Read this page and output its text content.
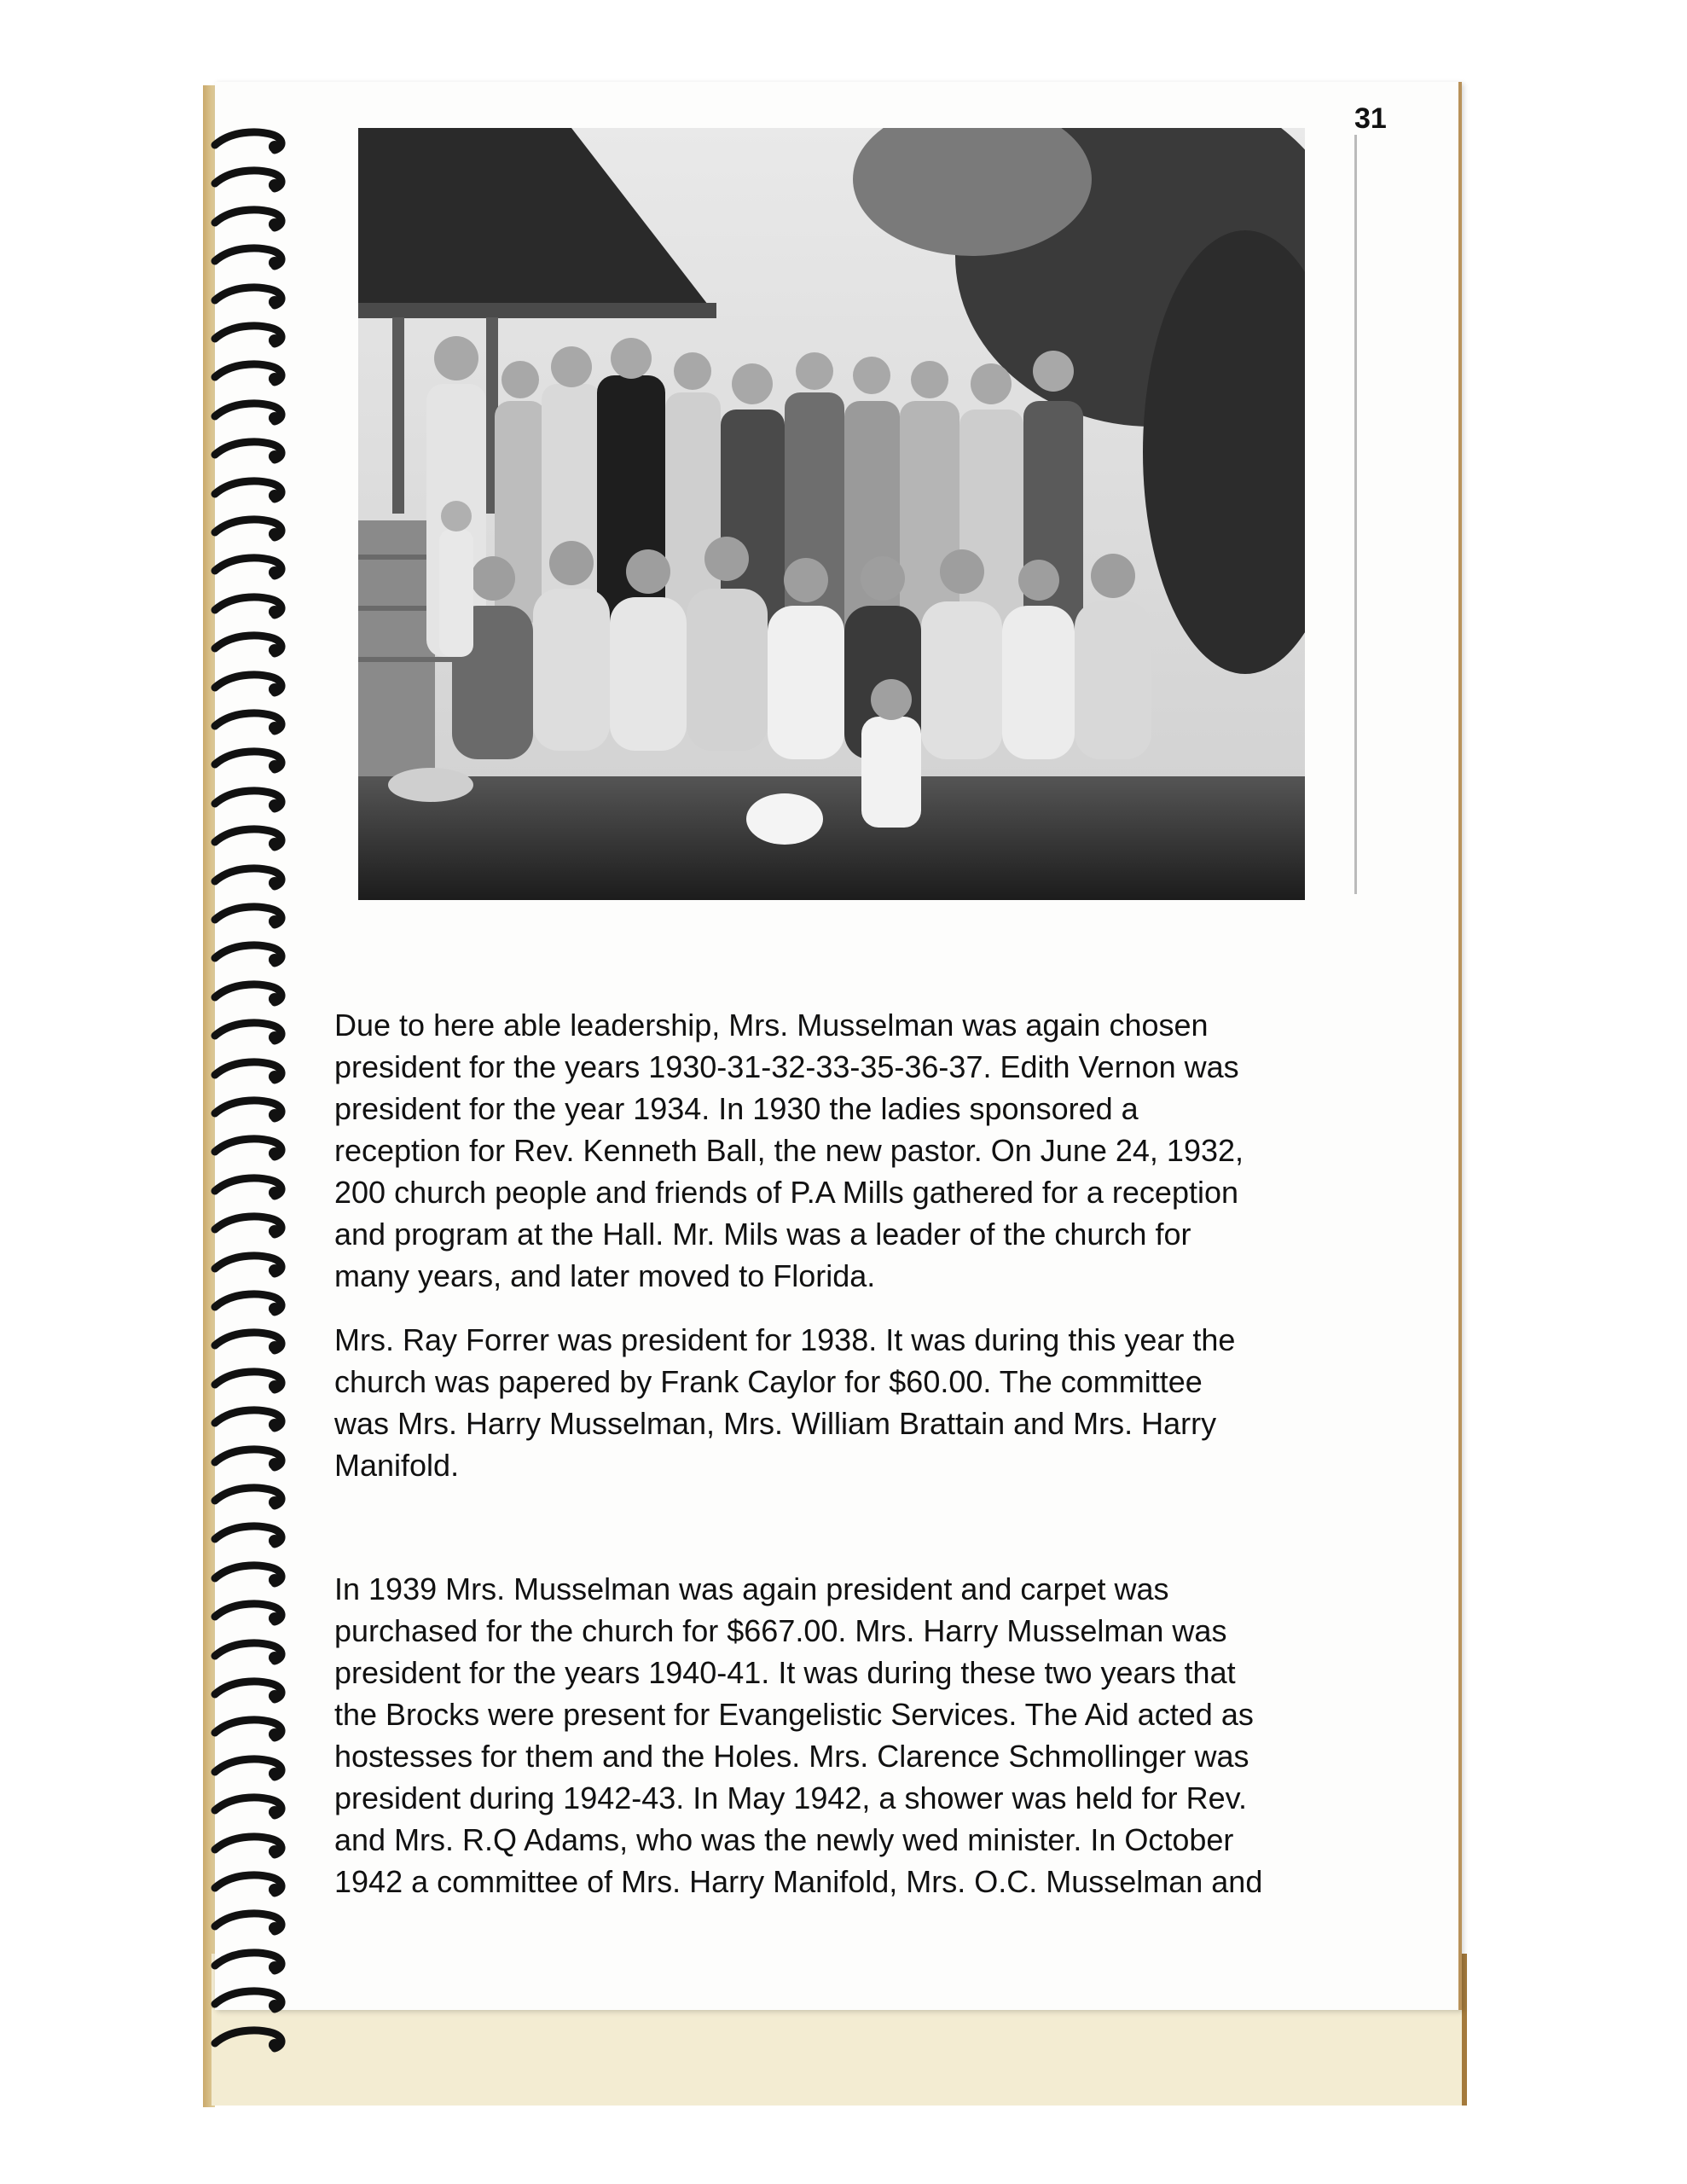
31
Due to here able leadership, Mrs. Musselman was again chosen
president for the years 1930-31-32-33-35-36-37. Edith Vernon was
president for the year 1934. In 1930 the ladies sponsored a
reception for Rev. Kenneth Ball, the new pastor. On June 24, 1932,
200 church people and friends of P.A Mills gathered for a reception
and program at the Hall. Mr. Mils was a leader of the church for
many years, and later moved to Florida.
Mrs. Ray Forrer was president for 1938. It was during this year the
church was papered by Frank Caylor for $60.00. The committee
was Mrs. Harry Musselman, Mrs. William Brattain and Mrs. Harry
Manifold.
In 1939 Mrs. Musselman was again president and carpet was
purchased for the church for $667.00. Mrs. Harry Musselman was
president for the years 1940-41. It was during these two years that
the Brocks were present for Evangelistic Services. The Aid acted as
hostesses for them and the Holes. Mrs. Clarence Schmollinger was
president during 1942-43. In May 1942, a shower was held for Rev.
and Mrs. R.Q Adams, who was the newly wed minister. In October
1942 a committee of Mrs. Harry Manifold, Mrs. O.C. Musselman and
